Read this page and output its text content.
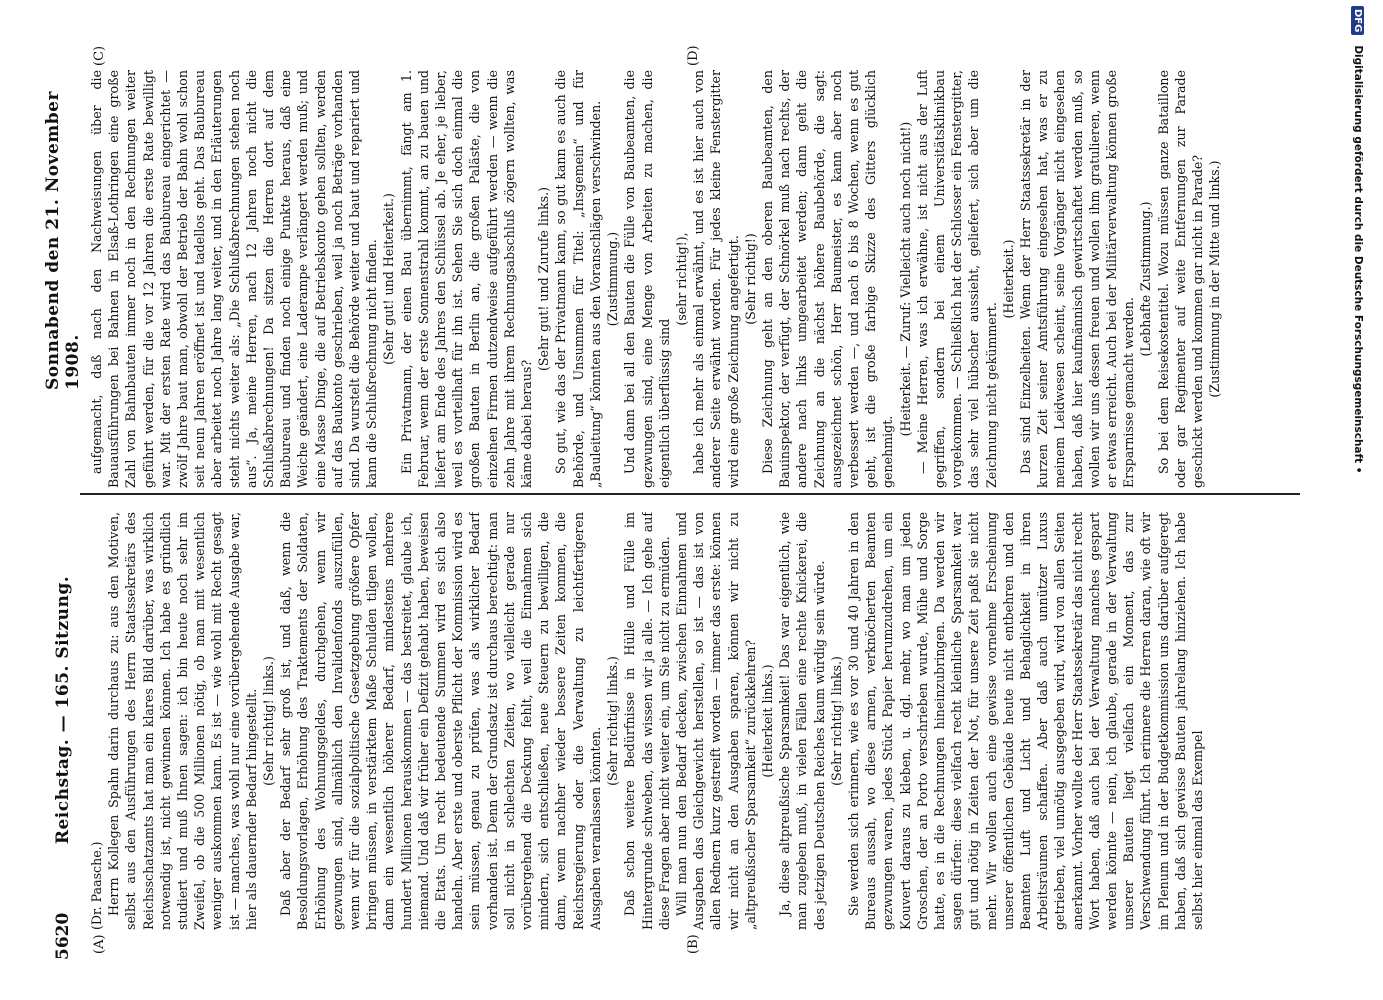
5620
Reichstag. — 165. Sitzung.
Sonnabend den 21. November 1908.
(A)	(B)
(C)	(D)

(Dr. Paasche.) Herrn Kollegen Spahn darin durchaus zu: aus den Motiven, selbst aus den Ausführungen des Herrn Staatssekretärs des Reichsschatzamts hat man ein klares Bild darüber, was wirklich notwendig ist, nicht gewinnen können. Ich habe es gründlich studiert und muß Ihnen sagen: ich bin heute noch sehr im Zweifel, ob die 500 Millionen nötig, ob man mit wesentlich weniger auskommen kann. Es ist — wie wohl mit Recht gesagt ist — manches, was wohl nur eine vorübergehende Ausgabe war, hier als dauernder Bedarf hingestellt. (Sehr richtig! links.) Daß aber der Bedarf sehr groß ist, und daß, wenn die Besoldungsvorlagen, Erhöhung des Traktements der Soldaten, Erhöhung des Wohnungsgeldes, durchgehen, wenn wir gezwungen sind, allmählich den Invalidenfonds auszufüllen, wenn wir für die sozialpolitische Gesetzgebung größere Opfer bringen müssen, in verstärktem Maße Schulden tilgen wollen, dann ein wesentlich höherer Bedarf, mindestens mehrere hundert Millionen herauskommen — das bestreitet, glaube ich, niemand. Und daß wir früher ein Defizit gehabt haben, beweisen die Etats. Um recht bedeutende Summen wird es sich also handeln. Aber erste und oberste Pflicht der Kommission wird es sein müssen, genau zu prüfen, was als wirklicher Bedarf vorhanden ist. Denn der Grundsatz ist durchaus berechtigt: man soll nicht in schlechten Zeiten, wo vielleicht gerade nur vorübergehend die Deckung fehlt, weil die Einnahmen sich mindern, sich entschließen, neue Steuern zu bewilligen, die dann, wenn nachher wieder bessere Zeiten kommen, die Reichsregierung oder die Verwaltung zu leichtfertigeren Ausgaben veranlassen könnten.

(Sehr richtig! links.) Daß schon weitere Bedürfnisse in Hülle und Fülle im Hintergrunde schweben, das wissen wir ja alle. — Ich gehe auf diese Fragen aber nicht weiter ein, um Sie nicht zu ermüden. Will man nun den Bedarf decken, zwischen Einnahmen und Ausgaben das Gleichgewicht herstellen, so ist — das ist von allen Rednern kurz gestreift worden — immer das erste: können wir nicht an den Ausgaben sparen, können wir nicht zu „altpreußischer Sparsamkeit“ zurückkehren? (Heiterkeit links.) Ja, diese altpreußische Sparsamkeit! Das war eigentlich, wie man zugeben muß, in vielen Fällen eine rechte Knickerei, die des jetzigen Deutschen Reiches kaum würdig sein würde. (Sehr richtig! links.) Sie werden sich erinnern, wie es vor 30 und 40 Jahren in den Bureaus aussah, wo diese armen, verknöcherten Beamten gezwungen waren, jedes Stück Papier herumzudrehen, um ein Kouvert daraus zu kleben, u. dgl. mehr, wo man um jeden Groschen, der an Porto verschrieben wurde, Mühe und Sorge hatte, es in die Rechnungen hineinzubringen. Da werden wir sagen dürfen: diese vielfach recht kleinliche Sparsamkeit war gut und nötig in Zeiten der Not, für unsere Zeit paßt sie nicht mehr. Wir wollen auch eine gewisse vornehme Erscheinung unserer öffentlichen Gebäude heute nicht entbehren und den Beamten Luft und Licht und Behaglichkeit in ihren Arbeitsräumen schaffen. Aber daß auch unnützer Luxus getrieben, viel unnötig ausgegeben wird, wird von allen Seiten anerkannt. Vorher wollte der Herr Staatssekretär das nicht recht Wort haben, daß auch bei der Verwaltung manches gespart werden könnte — nein, ich glaube, gerade in der Verwaltung unserer Bauten liegt vielfach ein Moment, das zur Verschwendung führt. Ich erinnere die Herren daran, wie oft wir im Plenum und in der Budgetkommission uns darüber aufgeregt haben, daß sich gewisse Bauten jahrelang hinziehen. Ich habe selbst hier einmal das Exempel

aufgemacht, daß nach den Nachweisungen über die Bauausführungen bei Bahnen in Elsaß-Lothringen eine große Zahl von Bahnbauten immer noch in den Rechnungen weiter geführt werden, für die vor 12 Jahren die erste Rate bewilligt war. Mit der ersten Rate wird das Baubureau eingerichtet — zwölf Jahre baut man, obwohl der Betrieb der Bahn wohl schon seit neun Jahren eröffnet ist und tadellos geht. Das Baubureau aber arbeitet noch Jahre lang weiter, und in den Erläuterungen steht nichts weiter als: „Die Schlußabrechnungen stehen noch aus“. Ja, meine Herren, nach 12 Jahren noch nicht die Schlußabrechnungen! Da sitzen die Herren dort auf dem Baubureau und finden noch einige Punkte heraus, daß eine Weiche geändert, eine Laderampe verlängert werden muß; und eine Masse Dinge, die auf Betriebskonto gehen sollten, werden auf das Baukonto geschrieben, weil ja noch Beträge vorhanden sind. Da wurstelt die Behörde weiter und baut und repariert und kann die Schlußrechnung nicht finden. (Sehr gut! und Heiterkeit.) Ein Privatmann, der einen Bau übernimmt, fängt am 1. Februar, wenn der erste Sonnenstrahl kommt, an zu bauen und liefert am Ende des Jahres den Schlüssel ab. Je eher, je lieber, weil es vorteilhaft für ihn ist. Sehen Sie sich doch einmal die großen Bauten in Berlin an, die großen Paläste, die von einzelnen Firmen dutzendweise aufgeführt werden — wenn die zehn Jahre mit ihrem Rechnungsabschluß zögern wollten, was käme dabei heraus?

(Sehr gut! und Zurufe links.) So gut, wie das der Privatmann kann, so gut kann es auch die Behörde, und Unsummen für Titel: „Insgemein“ und für „Bauleitung“ könnten aus den Voranschlägen verschwinden. (Zustimmung.) Und dann bei all den Bauten die Fülle von Baubeamten, die gezwungen sind, eine Menge von Arbeiten zu machen, die eigentlich überflüssig sind

(sehr richtig!), habe ich mehr als einmal erwähnt, und es ist hier auch von anderer Seite erwähnt worden. Für jedes kleine Fenstergitter wird eine große Zeichnung angefertigt. (Sehr richtig!) Diese Zeichnung geht an den oberen Baubeamten, den Bauinspektor, der verfügt, der Schnörkel muß nach rechts, der andere nach links umgearbeitet werden; dann geht die Zeichnung an die nächst höhere Baubehörde, die sagt: ausgezeichnet schön, Herr Baumeister, es kann aber noch verbessert werden —, und nach 6 bis 8 Wochen, wenn es gut geht, ist die große farbige Skizze des Gitters glücklich genehmigt.

(Heiterkeit. — Zuruf: Vielleicht auch noch nicht!) — Meine Herren, was ich erwähne, ist nicht aus der Luft gegriffen, sondern bei einem Universitätsklinikbau vorgekommen. — Schließlich hat der Schlosser ein Fenstergitter, das sehr viel hübscher aussieht, geliefert, sich aber um die Zeichnung nicht gekümmert.

(Heiterkeit.) Das sind Einzelheiten. Wenn der Herr Staatssekretär in der kurzen Zeit seiner Amtsführung eingesehen hat, was er zu meinem Leidwesen scheint, seine Vorgänger nicht eingesehen haben, daß hier kaufmännisch gewirtschaftet werden muß, so wollen wir uns dessen freuen und wollen ihm gratulieren, wenn er etwas erreicht. Auch bei der Militärverwaltung können große Ersparnisse gemacht werden.

(Lebhafte Zustimmung.) So bei dem Reisekostentitel. Wozu müssen ganze Bataillone oder gar Regimenter auf weite Entfernungen zur Parade geschickt werden und kommen gar nicht in Parade? (Zustimmung in der Mitte und links.)

DFG
Digitalisierung gefördert durch die Deutsche Forschungsgemeinschaft •
